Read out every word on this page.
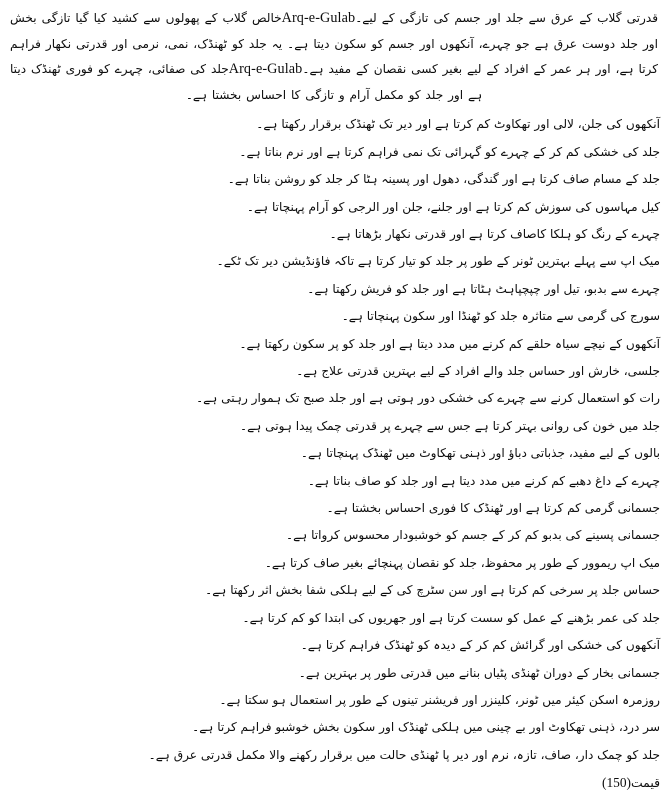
قدرتی گلاب کے عرق سے جلد اور جسم کی تازگی کے لیے۔Arq-e-Gulabخالص گلاب کے پھولوں سے کشید کیا گیا تازگی بخش اور جلد دوست عرق ہے جو چہرے، آنکھوں اور جسم کو سکون دیتا ہے۔ یہ جلد کو ٹھنڈک، نمی، نرمی اور قدرتی نکھار فراہم کرتا ہے، اور ہر عمر کے افراد کے لیے بغیر کسی نقصان کے مفید ہے۔Arq-e-Gulabجلد کی صفائی، چہرے کو فوری ٹھنڈک دیتا ہے اور جلد کو مکمل آرام و تازگی کا احساس بخشتا ہے۔

آنکھوں کی جلن، لالی اور تھکاوٹ کم کرتا ہے اور دیر تک ٹھنڈک برقرار رکھتا ہے۔
جلد کی خشکی کم کر کے چہرے کو گہرائی تک نمی فراہم کرتا ہے اور نرم بناتا ہے۔
جلد کے مسام صاف کرتا ہے اور گندگی، دھول اور پسینہ ہٹا کر جلد کو روشن بناتا ہے۔
کیل مہاسوں کی سوزش کم کرتا ہے اور جلنے، جلن اور الرجی کو آرام پہنچاتا ہے۔
چہرے کے رنگ کو ہلکا کاصاف کرتا ہے اور قدرتی نکھار بڑھاتا ہے۔
میک اپ سے پہلے بہترین ٹونر کے طور پر جلد کو تیار کرتا ہے تاکہ فاؤنڈیشن دیر تک ٹکے۔
چہرے سے بدبو، تیل اور چپچپاہٹ ہٹاتا ہے اور جلد کو فریش رکھتا ہے۔
سورج کی گرمی سے متاثرہ جلد کو ٹھنڈا اور سکون پہنچاتا ہے۔
آنکھوں کے نیچے سیاہ حلقے کم کرنے میں مدد دیتا ہے اور جلد کو پر سکون رکھتا ہے۔
جلسی، خارش اور حساس جلد والے افراد کے لیے بہترین قدرتی علاج ہے۔
رات کو استعمال کرنے سے چہرے کی خشکی دور ہوتی ہے اور جلد صبح تک ہموار رہتی ہے۔
جلد میں خون کی روانی بہتر کرتا ہے جس سے چہرے پر قدرتی چمک پیدا ہوتی ہے۔
بالوں کے لیے مفید، جذباتی دباؤ اور ذہنی تھکاوٹ میں ٹھنڈک پہنچاتا ہے۔
چہرے کے داغ دھبے کم کرنے میں مدد دیتا ہے اور جلد کو صاف بناتا ہے۔
جسمانی گرمی کم کرتا ہے اور ٹھنڈک کا فوری احساس بخشتا ہے۔
جسمانی پسینے کی بدبو کم کر کے جسم کو خوشبودار محسوس کرواتا ہے۔
میک اپ ریموور کے طور پر محفوظ، جلد کو نقصان پہنچائے بغیر صاف کرتا ہے۔
حساس جلد پر سرخی کم کرتا ہے اور سن سٹرچ کی کے لیے ہلکی شفا بخش اثر رکھتا ہے۔
جلد کی عمر بڑھنے کے عمل کو سست کرتا ہے اور جھریوں کی ابتدا کو کم کرتا ہے۔
آنکھوں کی خشکی اور گرائش کم کر کے دیدہ کو ٹھنڈک فراہم کرتا ہے۔
جسمانی بخار کے دوران ٹھنڈی پٹیاں بنانے میں قدرتی طور پر بہترین ہے۔
روزمرہ اسکن کیئر میں ٹونر، کلینزر اور فریشنر تینوں کے طور پر استعمال ہو سکتا ہے۔
سر درد، ذہنی تھکاوٹ اور بے چینی میں ہلکی ٹھنڈک اور سکون بخش خوشبو فراہم کرتا ہے۔
جلد کو چمک دار، صاف، تازہ، نرم اور دیر پا ٹھنڈی حالت میں برقرار رکھنے والا مکمل قدرتی عرق ہے۔
قیمت(150)
